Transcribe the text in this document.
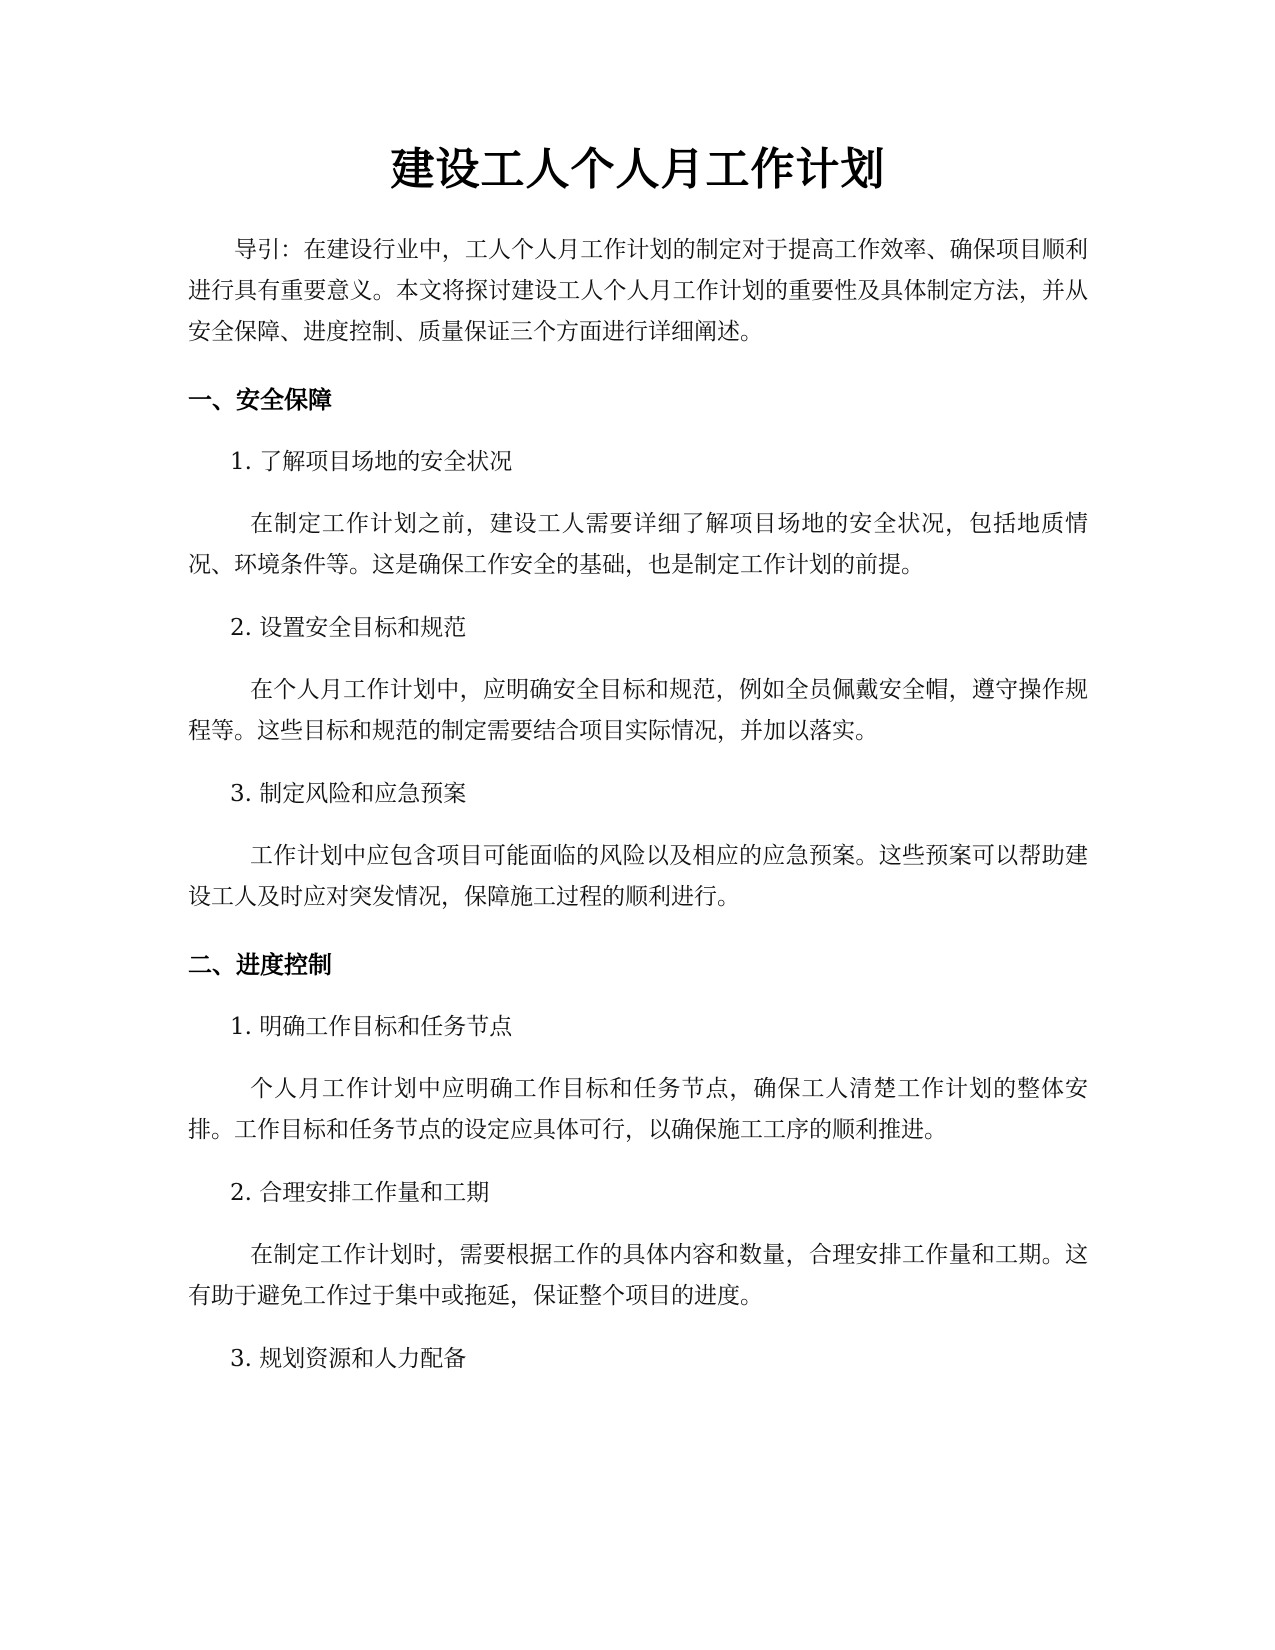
建设工人个人月工作计划

导引：在建设行业中，工人个人月工作计划的制定对于提高工作效率、确保项目顺利进行具有重要意义。本文将探讨建设工人个人月工作计划的重要性及具体制定方法，并从安全保障、进度控制、质量保证三个方面进行详细阐述。

一、安全保障
1. 了解项目场地的安全状况

在制定工作计划之前，建设工人需要详细了解项目场地的安全状况，包括地质情况、环境条件等。这是确保工作安全的基础，也是制定工作计划的前提。

2. 设置安全目标和规范

在个人月工作计划中，应明确安全目标和规范，例如全员佩戴安全帽，遵守操作规程等。这些目标和规范的制定需要结合项目实际情况，并加以落实。

3. 制定风险和应急预案

工作计划中应包含项目可能面临的风险以及相应的应急预案。这些预案可以帮助建设工人及时应对突发情况，保障施工过程的顺利进行。

二、进度控制
1. 明确工作目标和任务节点

个人月工作计划中应明确工作目标和任务节点，确保工人清楚工作计划的整体安排。工作目标和任务节点的设定应具体可行，以确保施工工序的顺利推进。

2. 合理安排工作量和工期

在制定工作计划时，需要根据工作的具体内容和数量，合理安排工作量和工期。这有助于避免工作过于集中或拖延，保证整个项目的进度。

3. 规划资源和人力配备
